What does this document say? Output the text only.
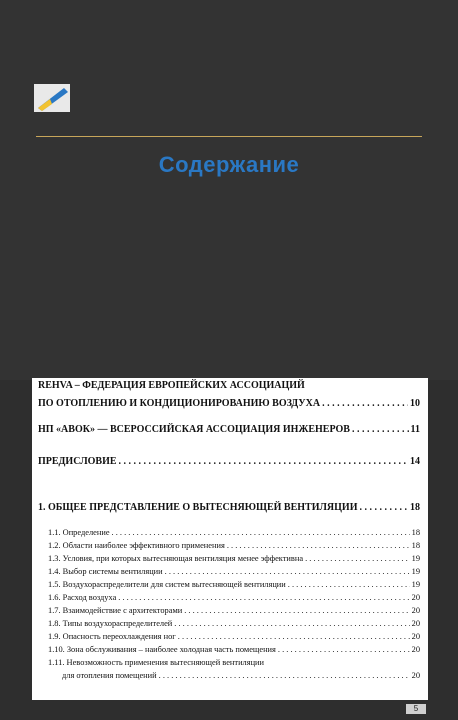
Содержание
REHVA – ФЕДЕРАЦИЯ ЕВРОПЕЙСКИХ АССОЦИАЦИЙ
ПО ОТОПЛЕНИЮ И КОНДИЦИОНИРОВАНИЮ ВОЗДУХА . . .	10
НП «АВОК» — ВСЕРОССИЙСКАЯ АССОЦИАЦИЯ ИНЖЕНЕРОВ . . .	11
ПРЕДИСЛОВИЕ . . .	14
1. ОБЩЕЕ ПРЕДСТАВЛЕНИЕ О ВЫТЕСНЯЮЩЕЙ ВЕНТИЛЯЦИИ . . .	18
1.1. Определение . . .	18
1.2. Области наиболее эффективного применения . . .	18
1.3. Условия, при которых вытесняющая вентиляция менее эффективна . . .	19
1.4. Выбор системы вентиляции . . .	19
1.5. Воздухораспределители для систем вытесняющей вентиляции . . .	19
1.6. Расход воздуха . . .	20
1.7. Взаимодействие с архитекторами . . .	20
1.8. Типы воздухораспределителей . . .	20
1.9. Опасность переохлаждения ног . . .	20
1.10. Зона обслуживания – наиболее холодная часть помещения . . .	20
1.11. Невозможность применения вытесняющей вентиляции
для отопления помещений . . .	20
5
